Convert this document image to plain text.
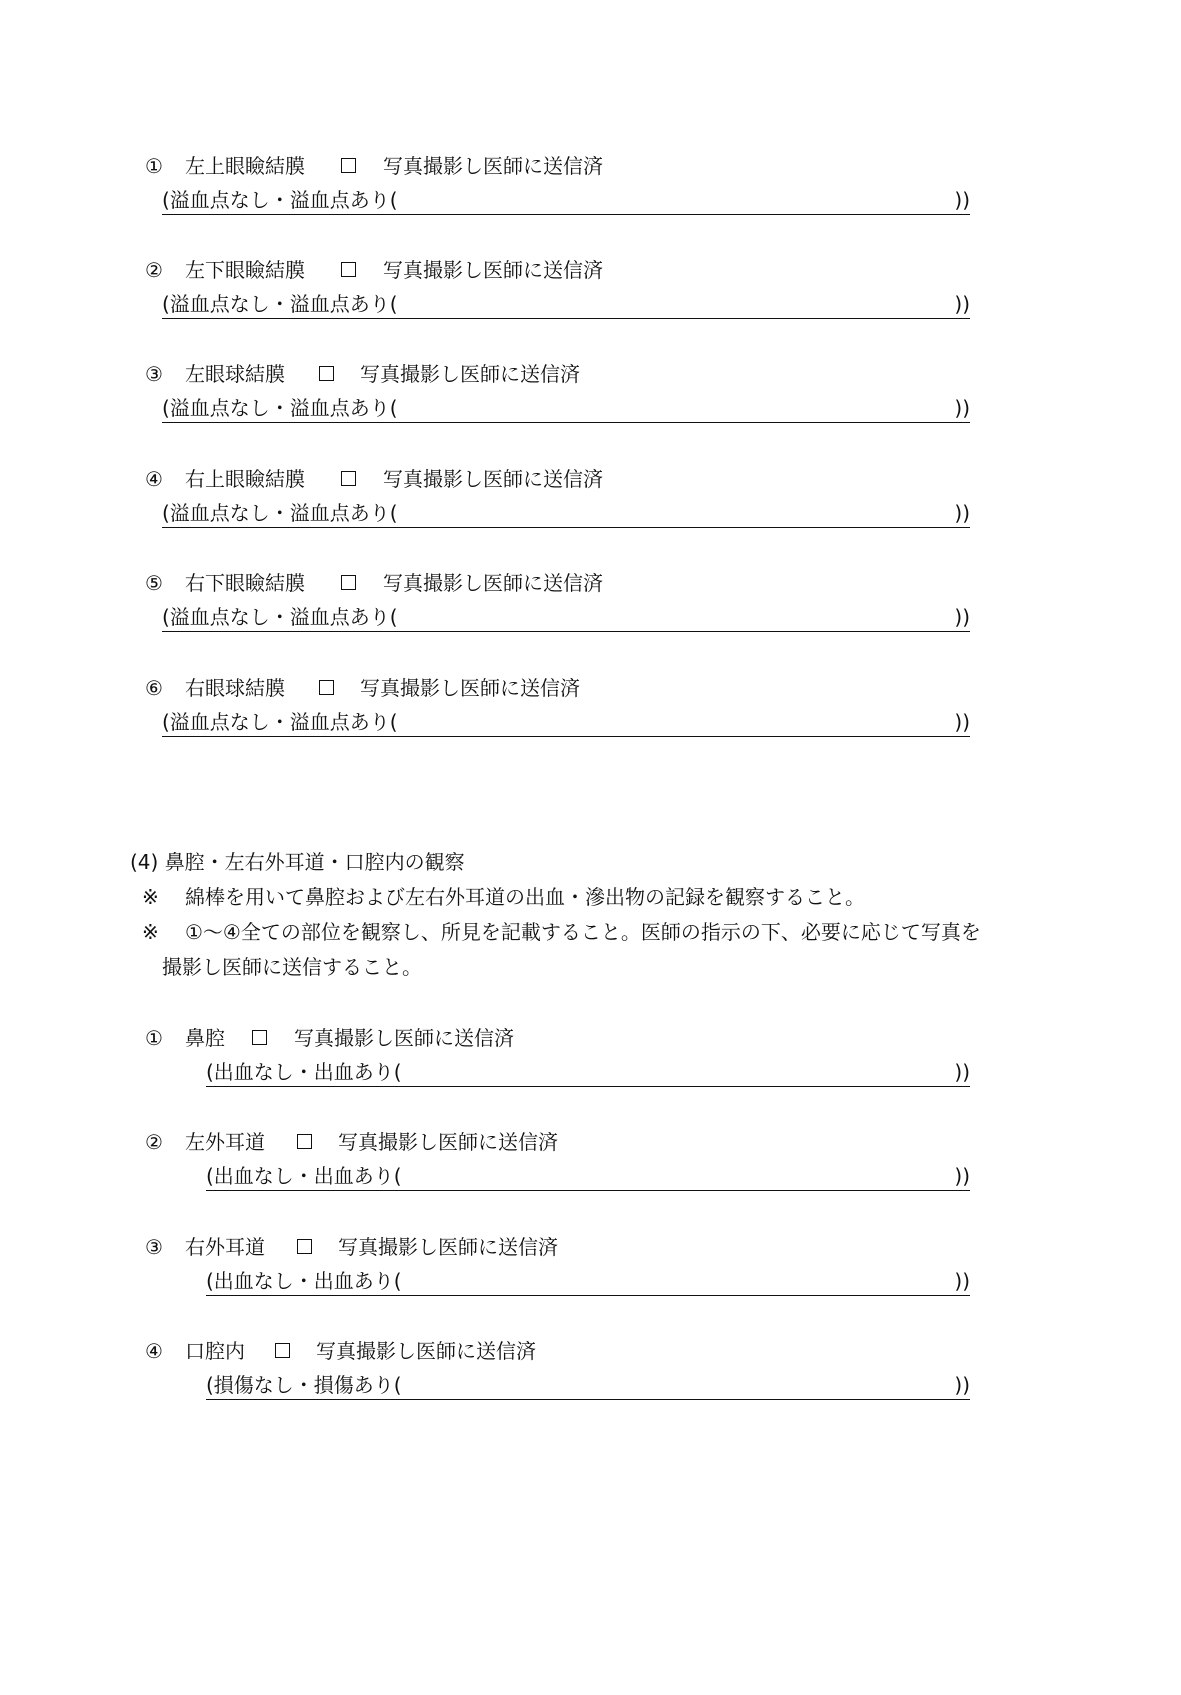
① 左上眼瞼結膜	写真撮影し医師に送信済
(溢血点なし・溢血点あり(	))
② 左下眼瞼結膜	写真撮影し医師に送信済
(溢血点なし・溢血点あり(	))
③ 左眼球結膜	写真撮影し医師に送信済
(溢血点なし・溢血点あり(	))
④ 右上眼瞼結膜	写真撮影し医師に送信済
(溢血点なし・溢血点あり(	))
⑤ 右下眼瞼結膜	写真撮影し医師に送信済
(溢血点なし・溢血点あり(	))
⑥ 右眼球結膜	写真撮影し医師に送信済
(溢血点なし・溢血点あり(	))
(4) 鼻腔・左右外耳道・口腔内の観察
※ 綿棒を用いて鼻腔および左右外耳道の出血・滲出物の記録を観察すること。
※ ①～④全ての部位を観察し、所見を記載すること。医師の指示の下、必要に応じて写真を
撮影し医師に送信すること。
① 鼻腔	写真撮影し医師に送信済
(出血なし・出血あり(	))
② 左外耳道	写真撮影し医師に送信済
(出血なし・出血あり(	))
③ 右外耳道	写真撮影し医師に送信済
(出血なし・出血あり(	))
④ 口腔内	写真撮影し医師に送信済
(損傷なし・損傷あり(	))
